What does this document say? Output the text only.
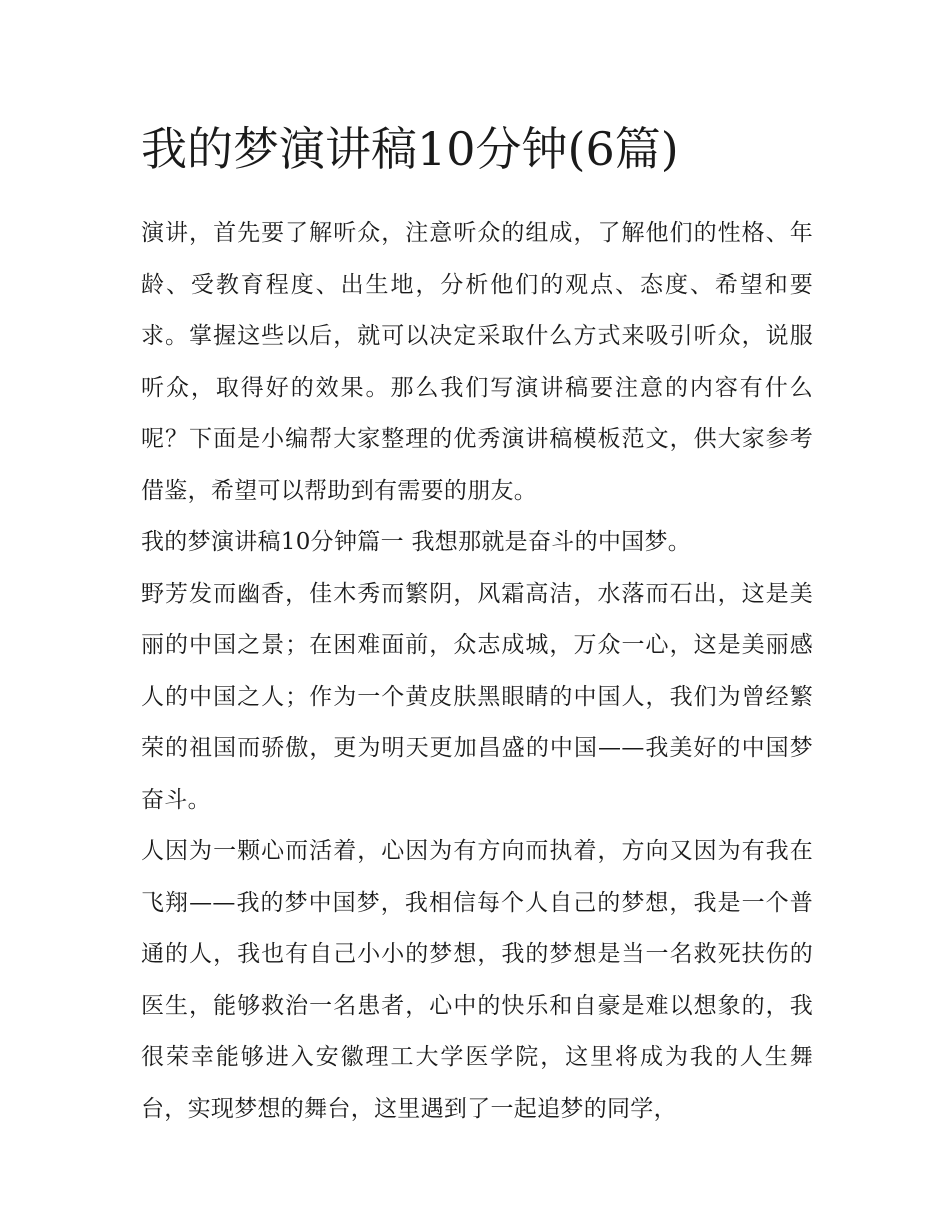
我的梦演讲稿10分钟(6篇)

演讲，首先要了解听众，注意听众的组成，了解他们的性格、年龄、受教育程度、出生地，分析他们的观点、态度、希望和要求。掌握这些以后，就可以决定采取什么方式来吸引听众，说服听众，取得好的效果。那么我们写演讲稿要注意的内容有什么呢？下面是小编帮大家整理的优秀演讲稿模板范文，供大家参考借鉴，希望可以帮助到有需要的朋友。

我的梦演讲稿10分钟篇一 我想那就是奋斗的中国梦。

野芳发而幽香，佳木秀而繁阴，风霜高洁，水落而石出，这是美丽的中国之景；在困难面前，众志成城，万众一心，这是美丽感人的中国之人；作为一个黄皮肤黑眼睛的中国人，我们为曾经繁荣的祖国而骄傲，更为明天更加昌盛的中国——我美好的中国梦奋斗。

人因为一颗心而活着，心因为有方向而执着，方向又因为有我在飞翔——我的梦中国梦，我相信每个人自己的梦想，我是一个普通的人，我也有自己小小的梦想，我的梦想是当一名救死扶伤的医生，能够救治一名患者，心中的快乐和自豪是难以想象的，我很荣幸能够进入安徽理工大学医学院，这里将成为我的人生舞台，实现梦想的舞台，这里遇到了一起追梦的同学，
